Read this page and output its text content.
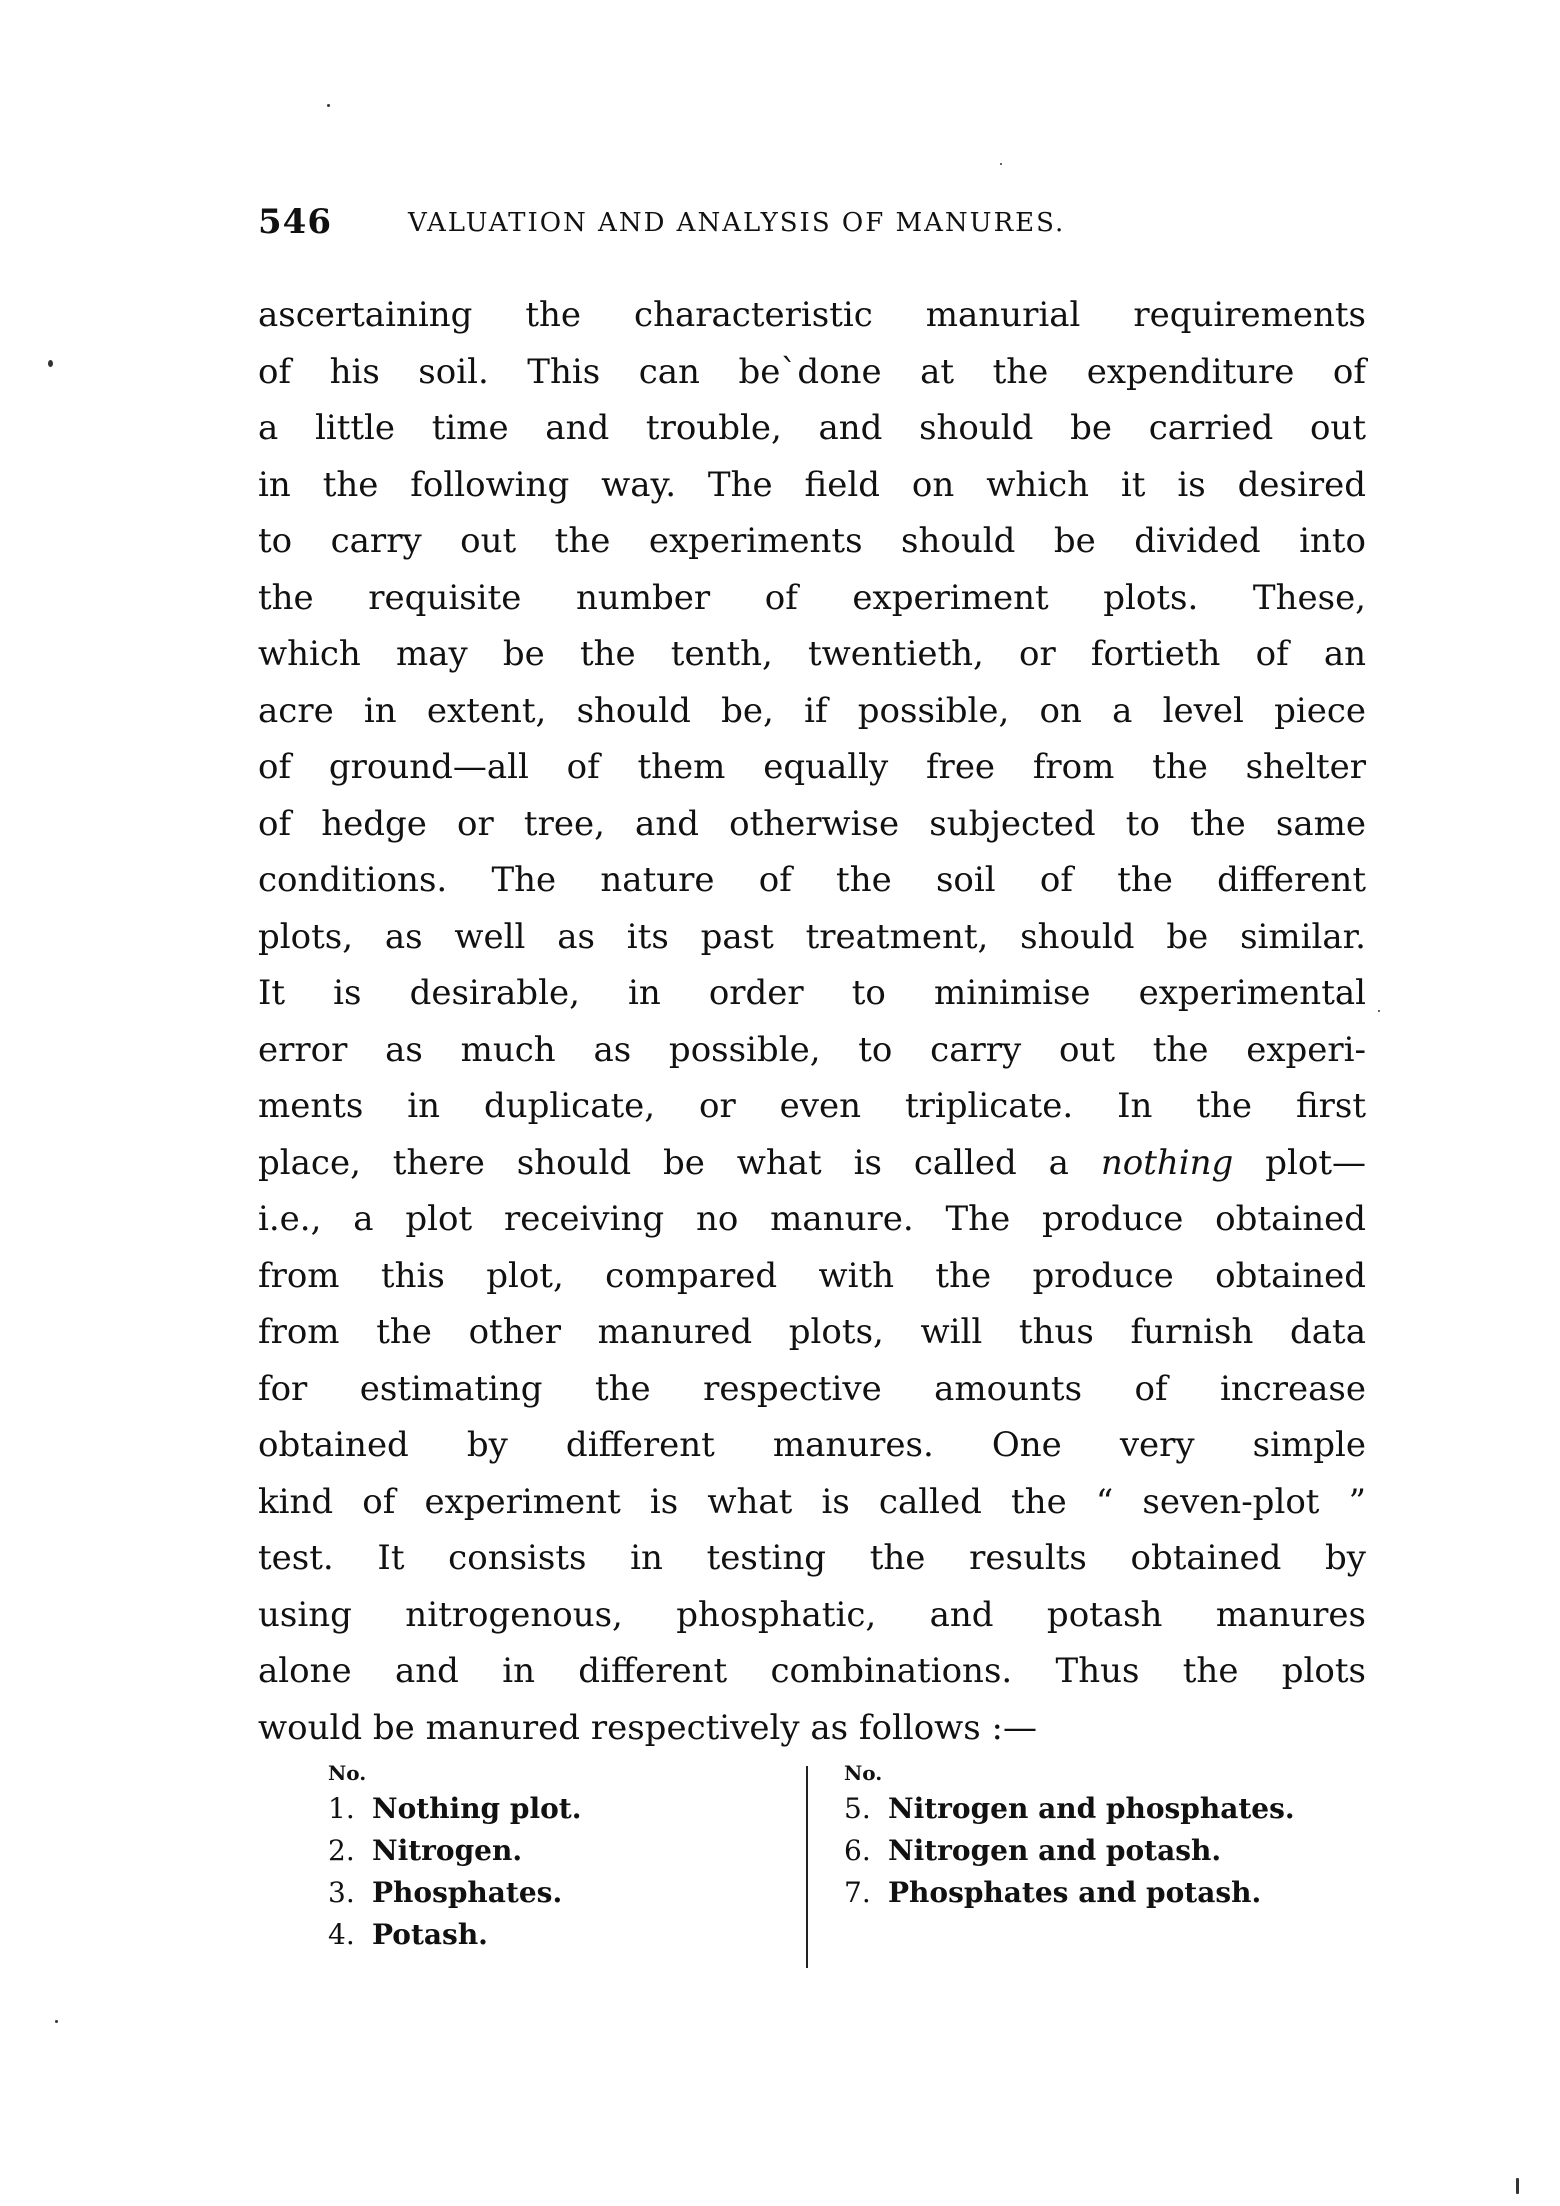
546	VALUATION AND ANALYSIS OF MANURES.
ascertaining the characteristic manurial requirements
of his soil. This can be`done at the expenditure of
a little time and trouble, and should be carried out
in the following way. The field on which it is desired
to carry out the experiments should be divided into
the requisite number of experiment plots. These,
which may be the tenth, twentieth, or fortieth of an
acre in extent, should be, if possible, on a level piece
of ground—all of them equally free from the shelter
of hedge or tree, and otherwise subjected to the same
conditions. The nature of the soil of the different
plots, as well as its past treatment, should be similar.
It is desirable, in order to minimise experimental
error as much as possible, to carry out the experi-
ments in duplicate, or even triplicate. In the first
place, there should be what is called a nothing plot—
i.e., a plot receiving no manure. The produce obtained
from this plot, compared with the produce obtained
from the other manured plots, will thus furnish data
for estimating the respective amounts of increase
obtained by different manures. One very simple
kind of experiment is what is called the “ seven-plot ”
test. It consists in testing the results obtained by
using nitrogenous, phosphatic, and potash manures
alone and in different combinations. Thus the plots
would be manured respectively as follows :—
No.
1. Nothing plot.
2. Nitrogen.
3. Phosphates.
4. Potash.
No.
5. Nitrogen and phosphates.
6. Nitrogen and potash.
7. Phosphates and potash.
